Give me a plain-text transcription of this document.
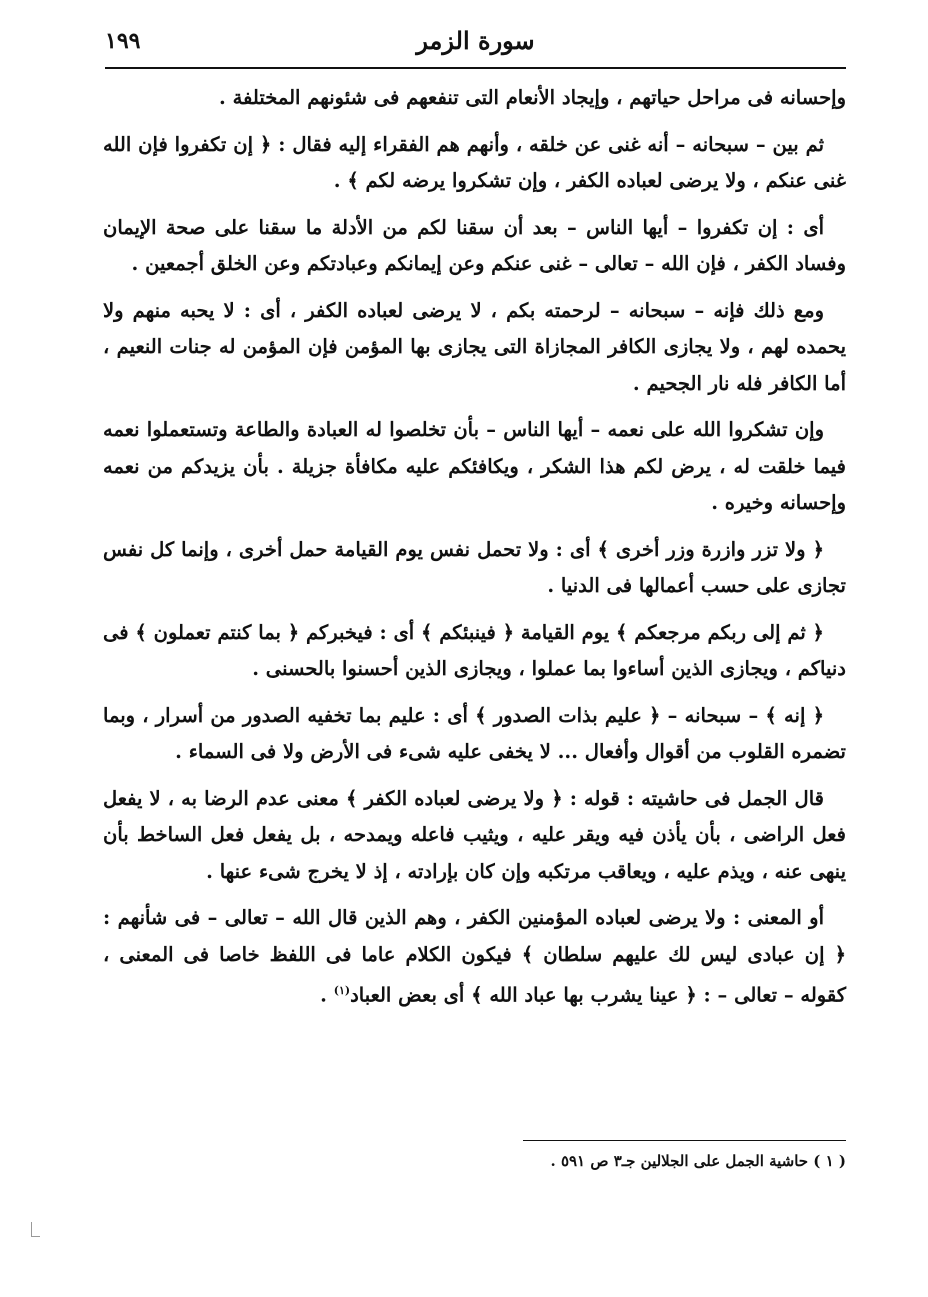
سورة الزمر
١٩٩

وإحسانه فى مراحل حياتهم ، وإيجاد الأنعام التى تنفعهم فى شئونهم المختلفة .

ثم بين – سبحانه – أنه غنى عن خلقه ، وأنهم هم الفقراء إليه فقال : ﴿ إن تكفروا فإن الله غنى عنكم ، ولا يرضى لعباده الكفر ، وإن تشكروا يرضه لكم ﴾ .

أى : إن تكفروا – أيها الناس – بعد أن سقنا لكم من الأدلة ما سقنا على صحة الإيمان وفساد الكفر ، فإن الله – تعالى – غنى عنكم وعن إيمانكم وعبادتكم وعن الخلق أجمعين .

ومع ذلك فإنه – سبحانه – لرحمته بكم ، لا يرضى لعباده الكفر ، أى : لا يحبه منهم ولا يحمده لهم ، ولا يجازى الكافر المجازاة التى يجازى بها المؤمن فإن المؤمن له جنات النعيم ، أما الكافر فله نار الجحيم .

وإن تشكروا الله على نعمه – أيها الناس – بأن تخلصوا له العبادة والطاعة وتستعملوا نعمه فيما خلقت له ، يرض لكم هذا الشكر ، ويكافئكم عليه مكافأة جزيلة . بأن يزيدكم من نعمه وإحسانه وخيره .

﴿ ولا تزر وازرة وزر أخرى ﴾ أى : ولا تحمل نفس يوم القيامة حمل أخرى ، وإنما كل نفس تجازى على حسب أعمالها فى الدنيا .

﴿ ثم إلى ربكم مرجعكم ﴾ يوم القيامة ﴿ فينبئكم ﴾ أى : فيخبركم ﴿ بما كنتم تعملون ﴾ فى دنياكم ، ويجازى الذين أساءوا بما عملوا ، ويجازى الذين أحسنوا بالحسنى .

﴿ إنه ﴾ – سبحانه – ﴿ عليم بذات الصدور ﴾ أى : عليم بما تخفيه الصدور من أسرار ، وبما تضمره القلوب من أقوال وأفعال ... لا يخفى عليه شىء فى الأرض ولا فى السماء .

قال الجمل فى حاشيته : قوله : ﴿ ولا يرضى لعباده الكفر ﴾ معنى عدم الرضا به ، لا يفعل فعل الراضى ، بأن يأذن فيه ويقر عليه ، ويثيب فاعله ويمدحه ، بل يفعل فعل الساخط بأن ينهى عنه ، ويذم عليه ، ويعاقب مرتكبه وإن كان بإرادته ، إذ لا يخرج شىء عنها .

أو المعنى : ولا يرضى لعباده المؤمنين الكفر ، وهم الذين قال الله – تعالى – فى شأنهم : ﴿ إن عبادى ليس لك عليهم سلطان ﴾ فيكون الكلام عاما فى اللفظ خاصا فى المعنى ، كقوله – تعالى – : ﴿ عينا يشرب بها عباد الله ﴾ أى بعض العباد$^{(١)}$ .

( ١ ) حاشية الجمل على الجلالين جـ٣ ص ٥٩١ .
